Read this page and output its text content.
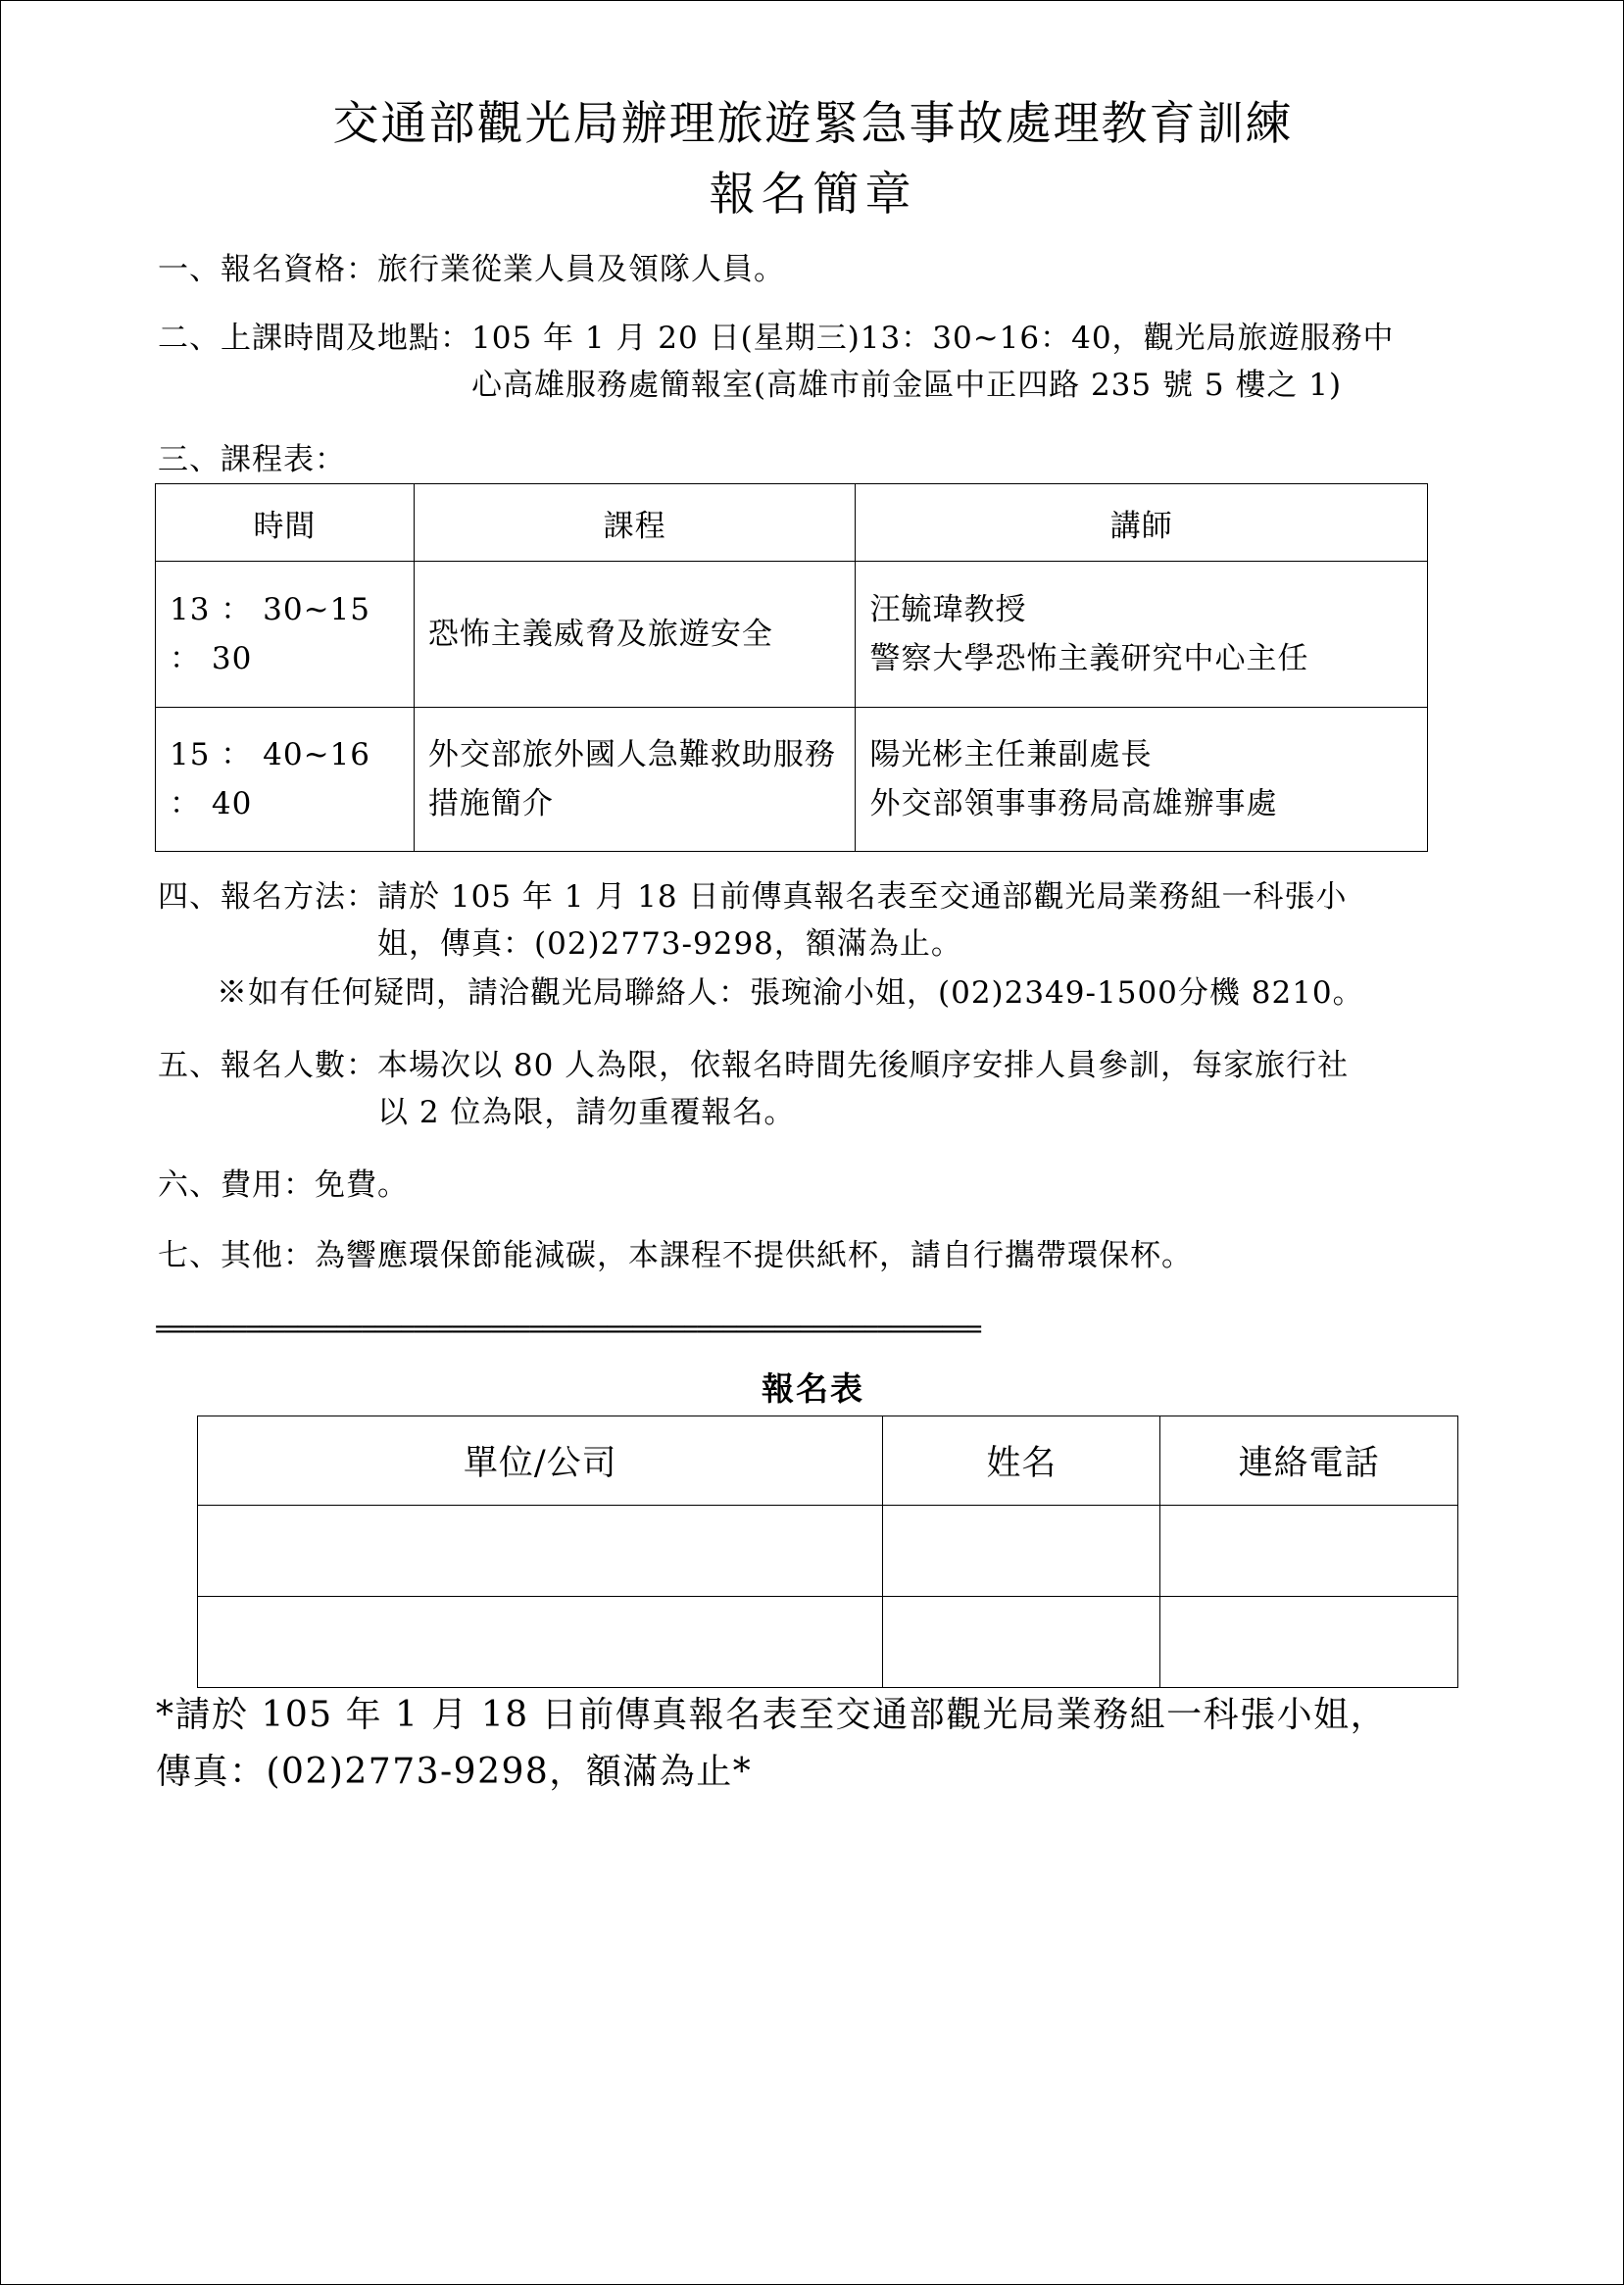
交通部觀光局辦理旅遊緊急事故處理教育訓練
報名簡章
一、 報名資格： 旅行業從業人員及領隊人員。
二、 上課時間及地點： 105 年 1 月 20 日(星期三)13：30~16：40，觀光局旅遊服務中
心高雄服務處簡報室(高雄市前金區中正四路 235 號 5 樓之 1)
三、 課程表：
時間	課程	講師
13 ： 30~15 ： 30	恐怖主義威脅及旅遊安全	汪毓瑋教授
警察大學恐怖主義研究中心主任

15 ： 40~16 ： 40	外交部旅外國人急難救助服務措施簡介	陽光彬主任兼副處長
外交部領事事務局高雄辦事處
四、 報名方法： 請於 105 年 1 月 18 日前傳真報名表至交通部觀光局業務組一科張小
姐，傳真：(02)2773-9298，額滿為止。
※如有任何疑問，請洽觀光局聯絡人：張琬渝小姐，(02)2349-1500分機 8210。
五、 報名人數： 本場次以 80 人為限，依報名時間先後順序安排人員參訓，每家旅行社
以 2 位為限，請勿重覆報名。
六、 費用： 免費。
七、 其他： 為響應環保節能減碳，本課程不提供紙杯，請自行攜帶環保杯。
================================================================
報名表
單位/公司	姓名	連絡電話

*請於 105 年 1 月 18 日前傳真報名表至交通部觀光局業務組一科張小姐，
傳真：(02)2773-9298，額滿為止*
